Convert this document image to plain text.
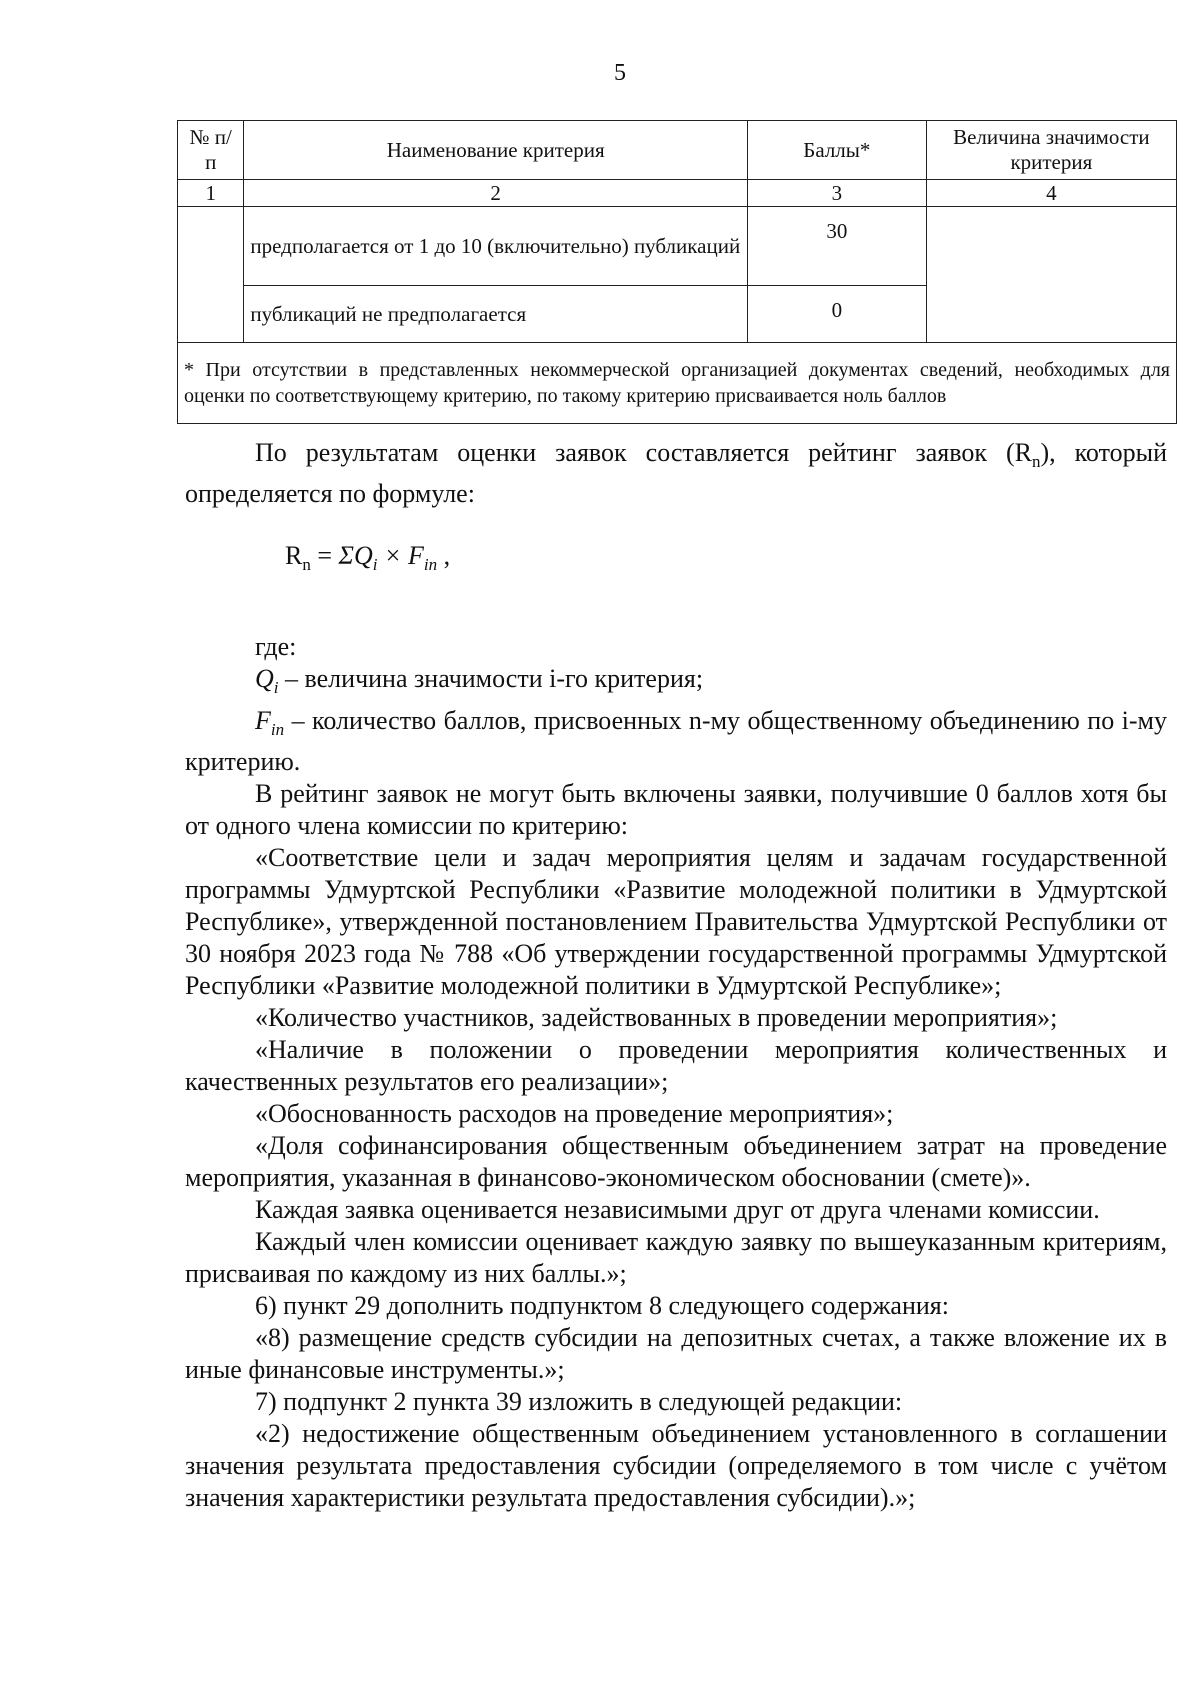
5
№ п/п	Наименование критерия	Баллы*	Величина значимости критерия
1	2	3	4
	предполагается от 1 до 10 (включительно) публикаций	30	
	публикаций не предполагается	0	
* При отсутствии в представленных некоммерческой организацией документах сведений, необходимых для оценки по соответствующему критерию, по такому критерию присваивается ноль баллов			

По результатам оценки заявок составляется рейтинг заявок $(R_n)$, который определяется по формуле:

$R_n = \Sigma Q_i \times F_{in}$ ,

где:

$Q_i$ – величина значимости i-го критерия;

$F_{in}$ – количество баллов, присвоенных n-му общественному объединению по i-му критерию.

В рейтинг заявок не могут быть включены заявки, получившие 0 баллов хотя бы от одного члена комиссии по критерию:

«Соответствие цели и задач мероприятия целям и задачам государственной программы Удмуртской Республики «Развитие молодежной политики в Удмуртской Республике», утвержденной постановлением Правительства Удмуртской Республики от 30 ноября 2023 года № 788 «Об утверждении государственной программы Удмуртской Республики «Развитие молодежной политики в Удмуртской Республике»;

«Количество участников, задействованных в проведении мероприятия»;

«Наличие в положении о проведении мероприятия количественных и качественных результатов его реализации»;

«Обоснованность расходов на проведение мероприятия»;

«Доля софинансирования общественным объединением затрат на проведение мероприятия, указанная в финансово-экономическом обосновании (смете)».

Каждая заявка оценивается независимыми друг от друга членами комиссии.

Каждый член комиссии оценивает каждую заявку по вышеуказанным критериям, присваивая по каждому из них баллы.»;

6) пункт 29 дополнить подпунктом 8 следующего содержания:

«8) размещение средств субсидии на депозитных счетах, а также вложение их в иные финансовые инструменты.»;

7) подпункт 2 пункта 39 изложить в следующей редакции:

«2) недостижение общественным объединением установленного в соглашении значения результата предоставления субсидии (определяемого в том числе с учётом значения характеристики результата предоставления субсидии).»;
